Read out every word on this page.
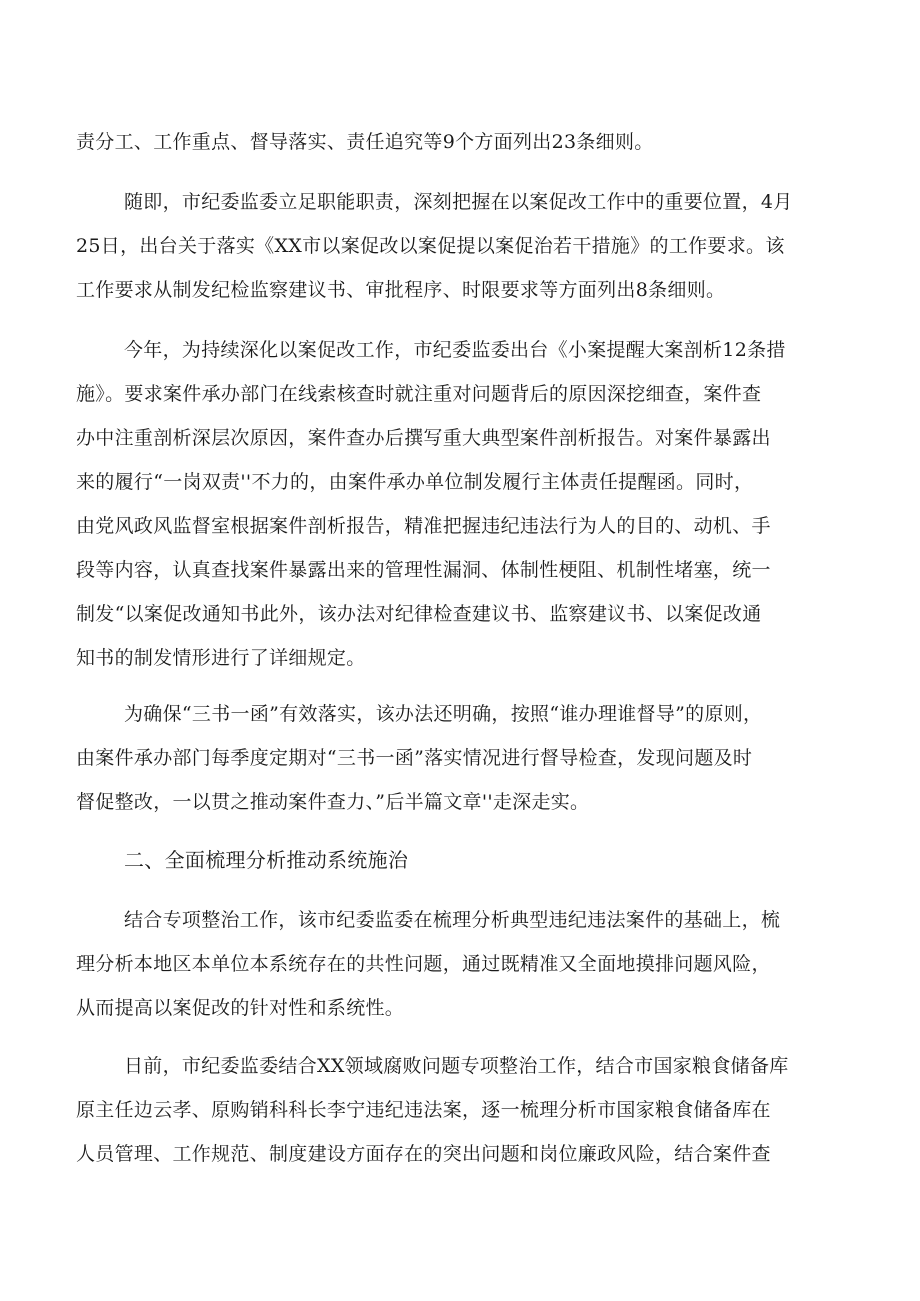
责分工、工作重点、督导落实、责任追究等9个方面列出23条细则。
随即，市纪委监委立足职能职责，深刻把握在以案促改工作中的重要位置，4月
25日，出台关于落实《XX市以案促改以案促提以案促治若干措施》的工作要求。该
工作要求从制发纪检监察建议书、审批程序、时限要求等方面列出8条细则。
今年，为持续深化以案促改工作，市纪委监委出台《小案提醒大案剖析12条措
施》。要求案件承办部门在线索核查时就注重对问题背后的原因深挖细查，案件查
办中注重剖析深层次原因，案件查办后撰写重大典型案件剖析报告。对案件暴露出
来的履行“一岗双责''不力的，由案件承办单位制发履行主体责任提醒函。同时，
由党风政风监督室根据案件剖析报告，精准把握违纪违法行为人的目的、动机、手
段等内容，认真查找案件暴露出来的管理性漏洞、体制性梗阻、机制性堵塞，统一
制发“以案促改通知书此外，该办法对纪律检查建议书、监察建议书、以案促改通
知书的制发情形进行了详细规定。
为确保“三书一函”有效落实，该办法还明确，按照“谁办理谁督导”的原则，
由案件承办部门每季度定期对“三书一函”落实情况进行督导检查，发现问题及时
督促整改，一以贯之推动案件查力、”后半篇文章''走深走实。
二、全面梳理分析推动系统施治
结合专项整治工作，该市纪委监委在梳理分析典型违纪违法案件的基础上，梳
理分析本地区本单位本系统存在的共性问题，通过既精准又全面地摸排问题风险，
从而提高以案促改的针对性和系统性。
日前，市纪委监委结合XX领域腐败问题专项整治工作，结合市国家粮食储备库
原主任边云孝、原购销科科长李宁违纪违法案，逐一梳理分析市国家粮食储备库在
人员管理、工作规范、制度建设方面存在的突出问题和岗位廉政风险，结合案件查
